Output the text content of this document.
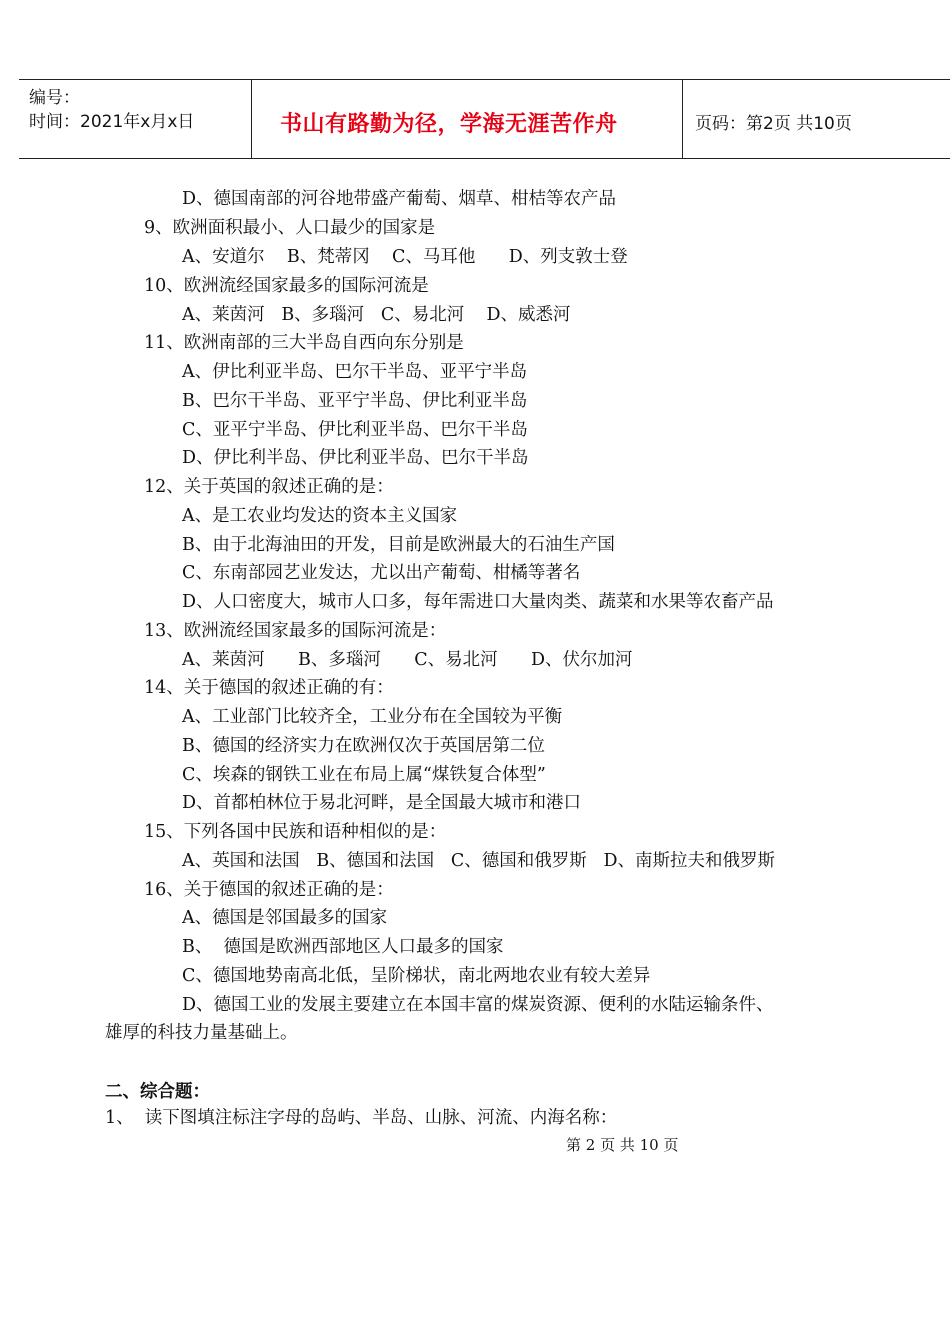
编号：
时间：2021年x月x日	书山有路勤为径，学海无涯苦作舟	页码：第2页 共10页
D、德国南部的河谷地带盛产葡萄、烟草、柑桔等农产品
9、欧洲面积最小、人口最少的国家是
A、安道尔    B、梵蒂冈    C、马耳他      D、列支敦士登
10、欧洲流经国家最多的国际河流是
A、莱茵河   B、多瑙河   C、易北河    D、威悉河
11、欧洲南部的三大半岛自西向东分别是
A、伊比利亚半岛、巴尔干半岛、亚平宁半岛
B、巴尔干半岛、亚平宁半岛、伊比利亚半岛
C、亚平宁半岛、伊比利亚半岛、巴尔干半岛
D、伊比利半岛、伊比利亚半岛、巴尔干半岛
12、关于英国的叙述正确的是：
A、是工农业均发达的资本主义国家
B、由于北海油田的开发，目前是欧洲最大的石油生产国
C、东南部园艺业发达，尤以出产葡萄、柑橘等著名
D、人口密度大，城市人口多，每年需进口大量肉类、蔬菜和水果等农畜产品
13、欧洲流经国家最多的国际河流是：
A、莱茵河      B、多瑙河      C、易北河      D、伏尔加河
14、关于德国的叙述正确的有：
A、工业部门比较齐全，工业分布在全国较为平衡
B、德国的经济实力在欧洲仅次于英国居第二位
C、埃森的钢铁工业在布局上属“煤铁复合体型”
D、首都柏林位于易北河畔，是全国最大城市和港口
15、下列各国中民族和语种相似的是：
A、英国和法国   B、德国和法国   C、德国和俄罗斯   D、南斯拉夫和俄罗斯
16、关于德国的叙述正确的是：
A、德国是邻国最多的国家
B、  德国是欧洲西部地区人口最多的国家
C、德国地势南高北低，呈阶梯状，南北两地农业有较大差异
D、德国工业的发展主要建立在本国丰富的煤炭资源、便利的水陆运输条件、
雄厚的科技力量基础上。
二、综合题：
1、  读下图填注标注字母的岛屿、半岛、山脉、河流、内海名称：
第 2 页 共 10 页
